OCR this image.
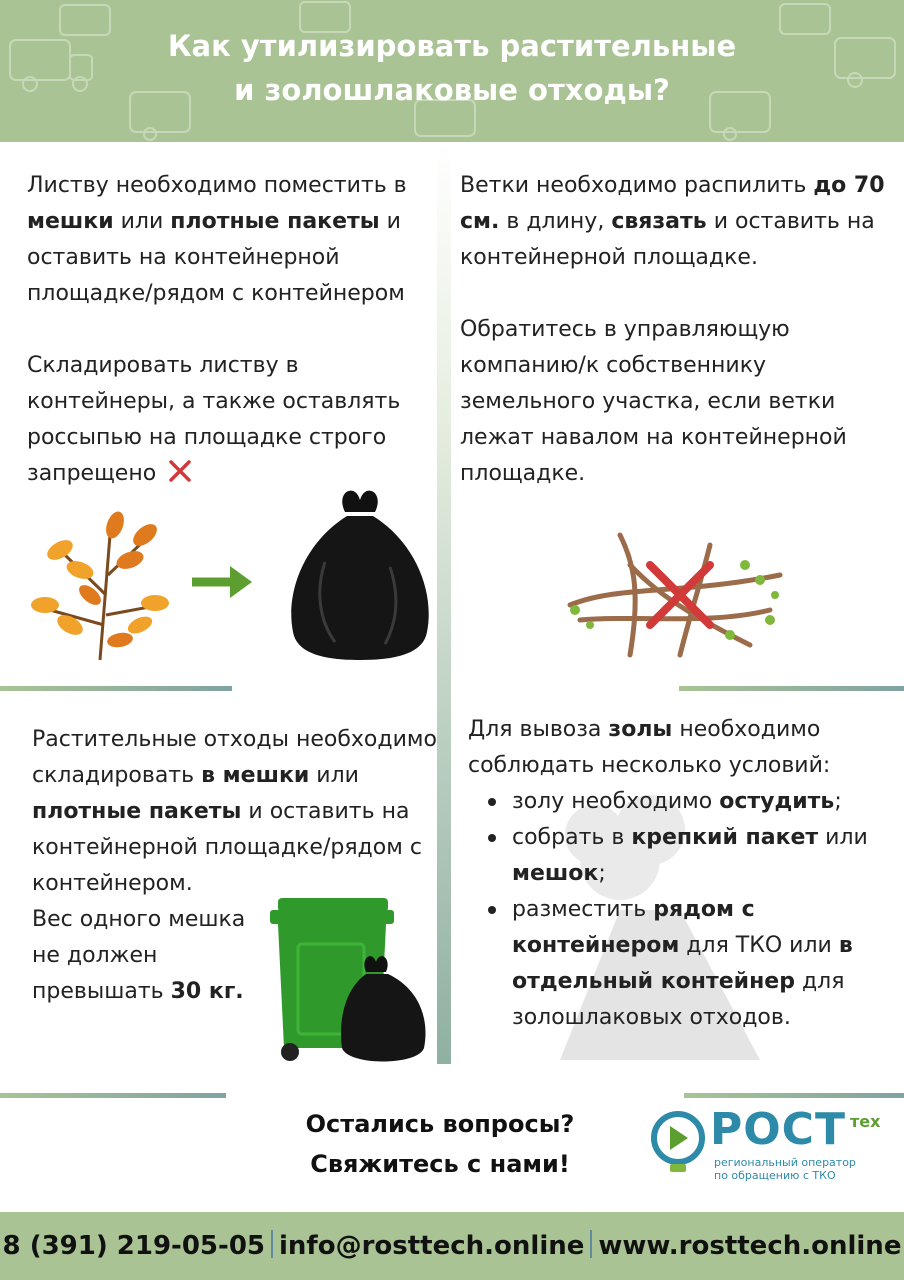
Как утилизировать растительные
и золошлаковые отходы?

Листву необходимо поместить в мешки или плотные пакеты и оставить на контейнерной площадке/рядом с контейнером

Складировать листву в контейнеры, а также оставлять россыпью на площадке строго запрещено

Ветки необходимо распилить до 70 см. в длину, связать и оставить на контейнерной площадке.

Обратитесь в управляющую компанию/к собственнику земельного участка, если ветки лежат навалом на контейнерной площадке.

Растительные отходы необходимо складировать в мешки или плотные пакеты и оставить на контейнерной площадке/рядом с контейнером.

Вес одного мешка не должен превышать 30 кг.

Для вывоза золы необходимо соблюдать несколько условий:

золу необходимо остудить;
собрать в крепкий пакет или мешок;
разместить рядом с контейнером для ТКО или в отдельный контейнер для золошлаковых отходов.
Остались вопросы?
Свяжитесь с нами!
РОСТ тех
региональный оператор
по обращению с ТКО
8 (391) 219-05-05 info@rosttech.online www.rosttech.online
